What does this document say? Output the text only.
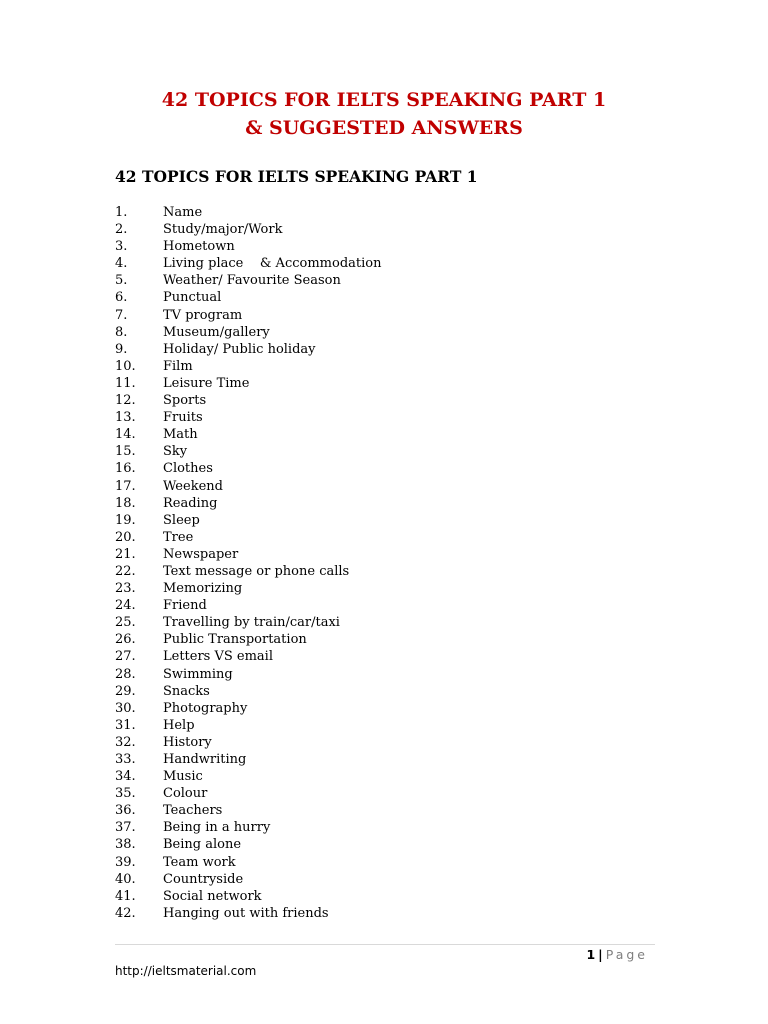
42 TOPICS FOR IELTS SPEAKING PART 1
& SUGGESTED ANSWERS
42 TOPICS FOR IELTS SPEAKING PART 1
1.	Name
2.	Study/major/Work
3.	Hometown
4.	Living place    & Accommodation
5.	Weather/ Favourite Season
6.	Punctual
7.	TV program
8.	Museum/gallery
9.	Holiday/ Public holiday
10. Film
11. Leisure Time
12. Sports
13. Fruits
14. Math
15. Sky
16. Clothes
17. Weekend
18. Reading
19. Sleep
20. Tree
21. Newspaper
22. Text message or phone calls
23. Memorizing
24. Friend
25. Travelling by train/car/taxi
26. Public Transportation
27. Letters VS email
28. Swimming
29. Snacks
30. Photography
31. Help
32. History
33. Handwriting
34. Music
35. Colour
36. Teachers
37. Being in a hurry
38. Being alone
39. Team work
40. Countryside
41. Social network
42. Hanging out with friends
1 | Page
http://ieltsmaterial.com
